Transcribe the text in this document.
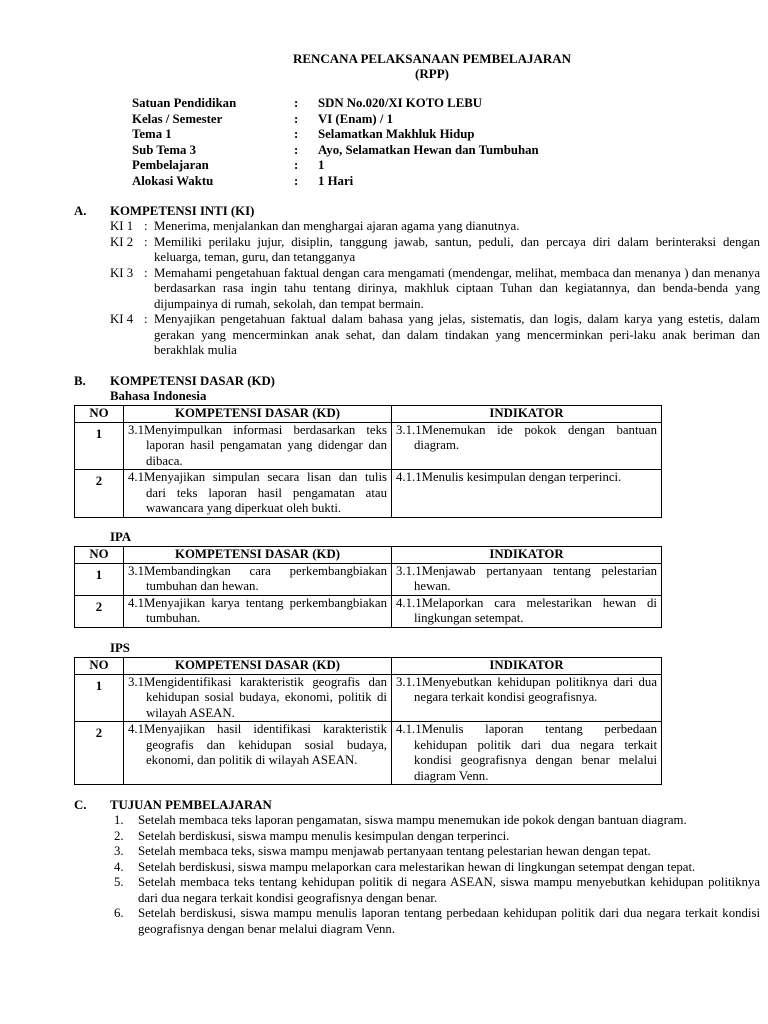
RENCANA PELAKSANAAN PEMBELAJARAN
(RPP)
Satuan Pendidikan	: SDN No.020/XI KOTO LEBU
Kelas / Semester	: VI (Enam) / 1
Tema 1	: Selamatkan Makhluk Hidup
Sub Tema 3	: Ayo, Selamatkan Hewan dan Tumbuhan
Pembelajaran	: 1
Alokasi Waktu	: 1 Hari
A. KOMPETENSI INTI (KI)
KI 1 : Menerima, menjalankan dan menghargai ajaran agama yang dianutnya.
KI 2 : Memiliki perilaku jujur, disiplin, tanggung jawab, santun, peduli, dan percaya diri dalam berinteraksi dengan keluarga, teman, guru, dan tetangganya
KI 3 : Memahami pengetahuan faktual dengan cara mengamati (mendengar, melihat, membaca dan menanya ) dan menanya berdasarkan rasa ingin tahu tentang dirinya, makhluk ciptaan Tuhan dan kegiatannya, dan benda-benda yang dijumpainya di rumah, sekolah, dan tempat bermain.
KI 4 : Menyajikan pengetahuan faktual dalam bahasa yang jelas, sistematis, dan logis, dalam karya yang estetis, dalam gerakan yang mencerminkan anak sehat, dan dalam tindakan yang mencerminkan peri-laku anak beriman dan berakhlak mulia
B. KOMPETENSI DASAR (KD)
Bahasa Indonesia
NO	KOMPETENSI DASAR (KD)	INDIKATOR
1	3.1Menyimpulkan informasi berdasarkan teks laporan hasil pengamatan yang didengar dan dibaca.	3.1.1Menemukan ide pokok dengan bantuan diagram.

2	4.1Menyajikan simpulan secara lisan dan tulis dari teks laporan hasil pengamatan atau wawancara yang diperkuat oleh bukti.	4.1.1Menulis kesimpulan dengan terperinci.
IPA
NO	KOMPETENSI DASAR (KD)	INDIKATOR
1	3.1Membandingkan cara perkembangbiakan tumbuhan dan hewan.	3.1.1Menjawab pertanyaan tentang pelestarian hewan.

2	4.1Menyajikan karya tentang perkembangbiakan tumbuhan.	4.1.1Melaporkan cara melestarikan hewan di lingkungan setempat.
IPS
NO	KOMPETENSI DASAR (KD)	INDIKATOR
1	3.1Mengidentifikasi karakteristik geografis dan kehidupan sosial budaya, ekonomi, politik di wilayah ASEAN.	3.1.1Menyebutkan kehidupan politiknya dari dua negara terkait kondisi geografisnya.

2	4.1Menyajikan hasil identifikasi karakteristik geografis dan kehidupan sosial budaya, ekonomi, dan politik di wilayah ASEAN.	4.1.1Menulis laporan tentang perbedaan kehidupan politik dari dua negara terkait kondisi geografisnya dengan benar melalui diagram Venn.
C. TUJUAN PEMBELAJARAN
1. Setelah membaca teks laporan pengamatan, siswa mampu menemukan ide pokok dengan bantuan diagram.
2. Setelah berdiskusi, siswa mampu menulis kesimpulan dengan terperinci.
3. Setelah membaca teks, siswa mampu menjawab pertanyaan tentang pelestarian hewan dengan tepat.
4. Setelah berdiskusi, siswa mampu melaporkan cara melestarikan hewan di lingkungan setempat dengan tepat.
5. Setelah membaca teks tentang kehidupan politik di negara ASEAN, siswa mampu menyebutkan kehidupan politiknya dari dua negara terkait kondisi geografisnya dengan benar.
6. Setelah berdiskusi, siswa mampu menulis laporan tentang perbedaan kehidupan politik dari dua negara terkait kondisi geografisnya dengan benar melalui diagram Venn.
